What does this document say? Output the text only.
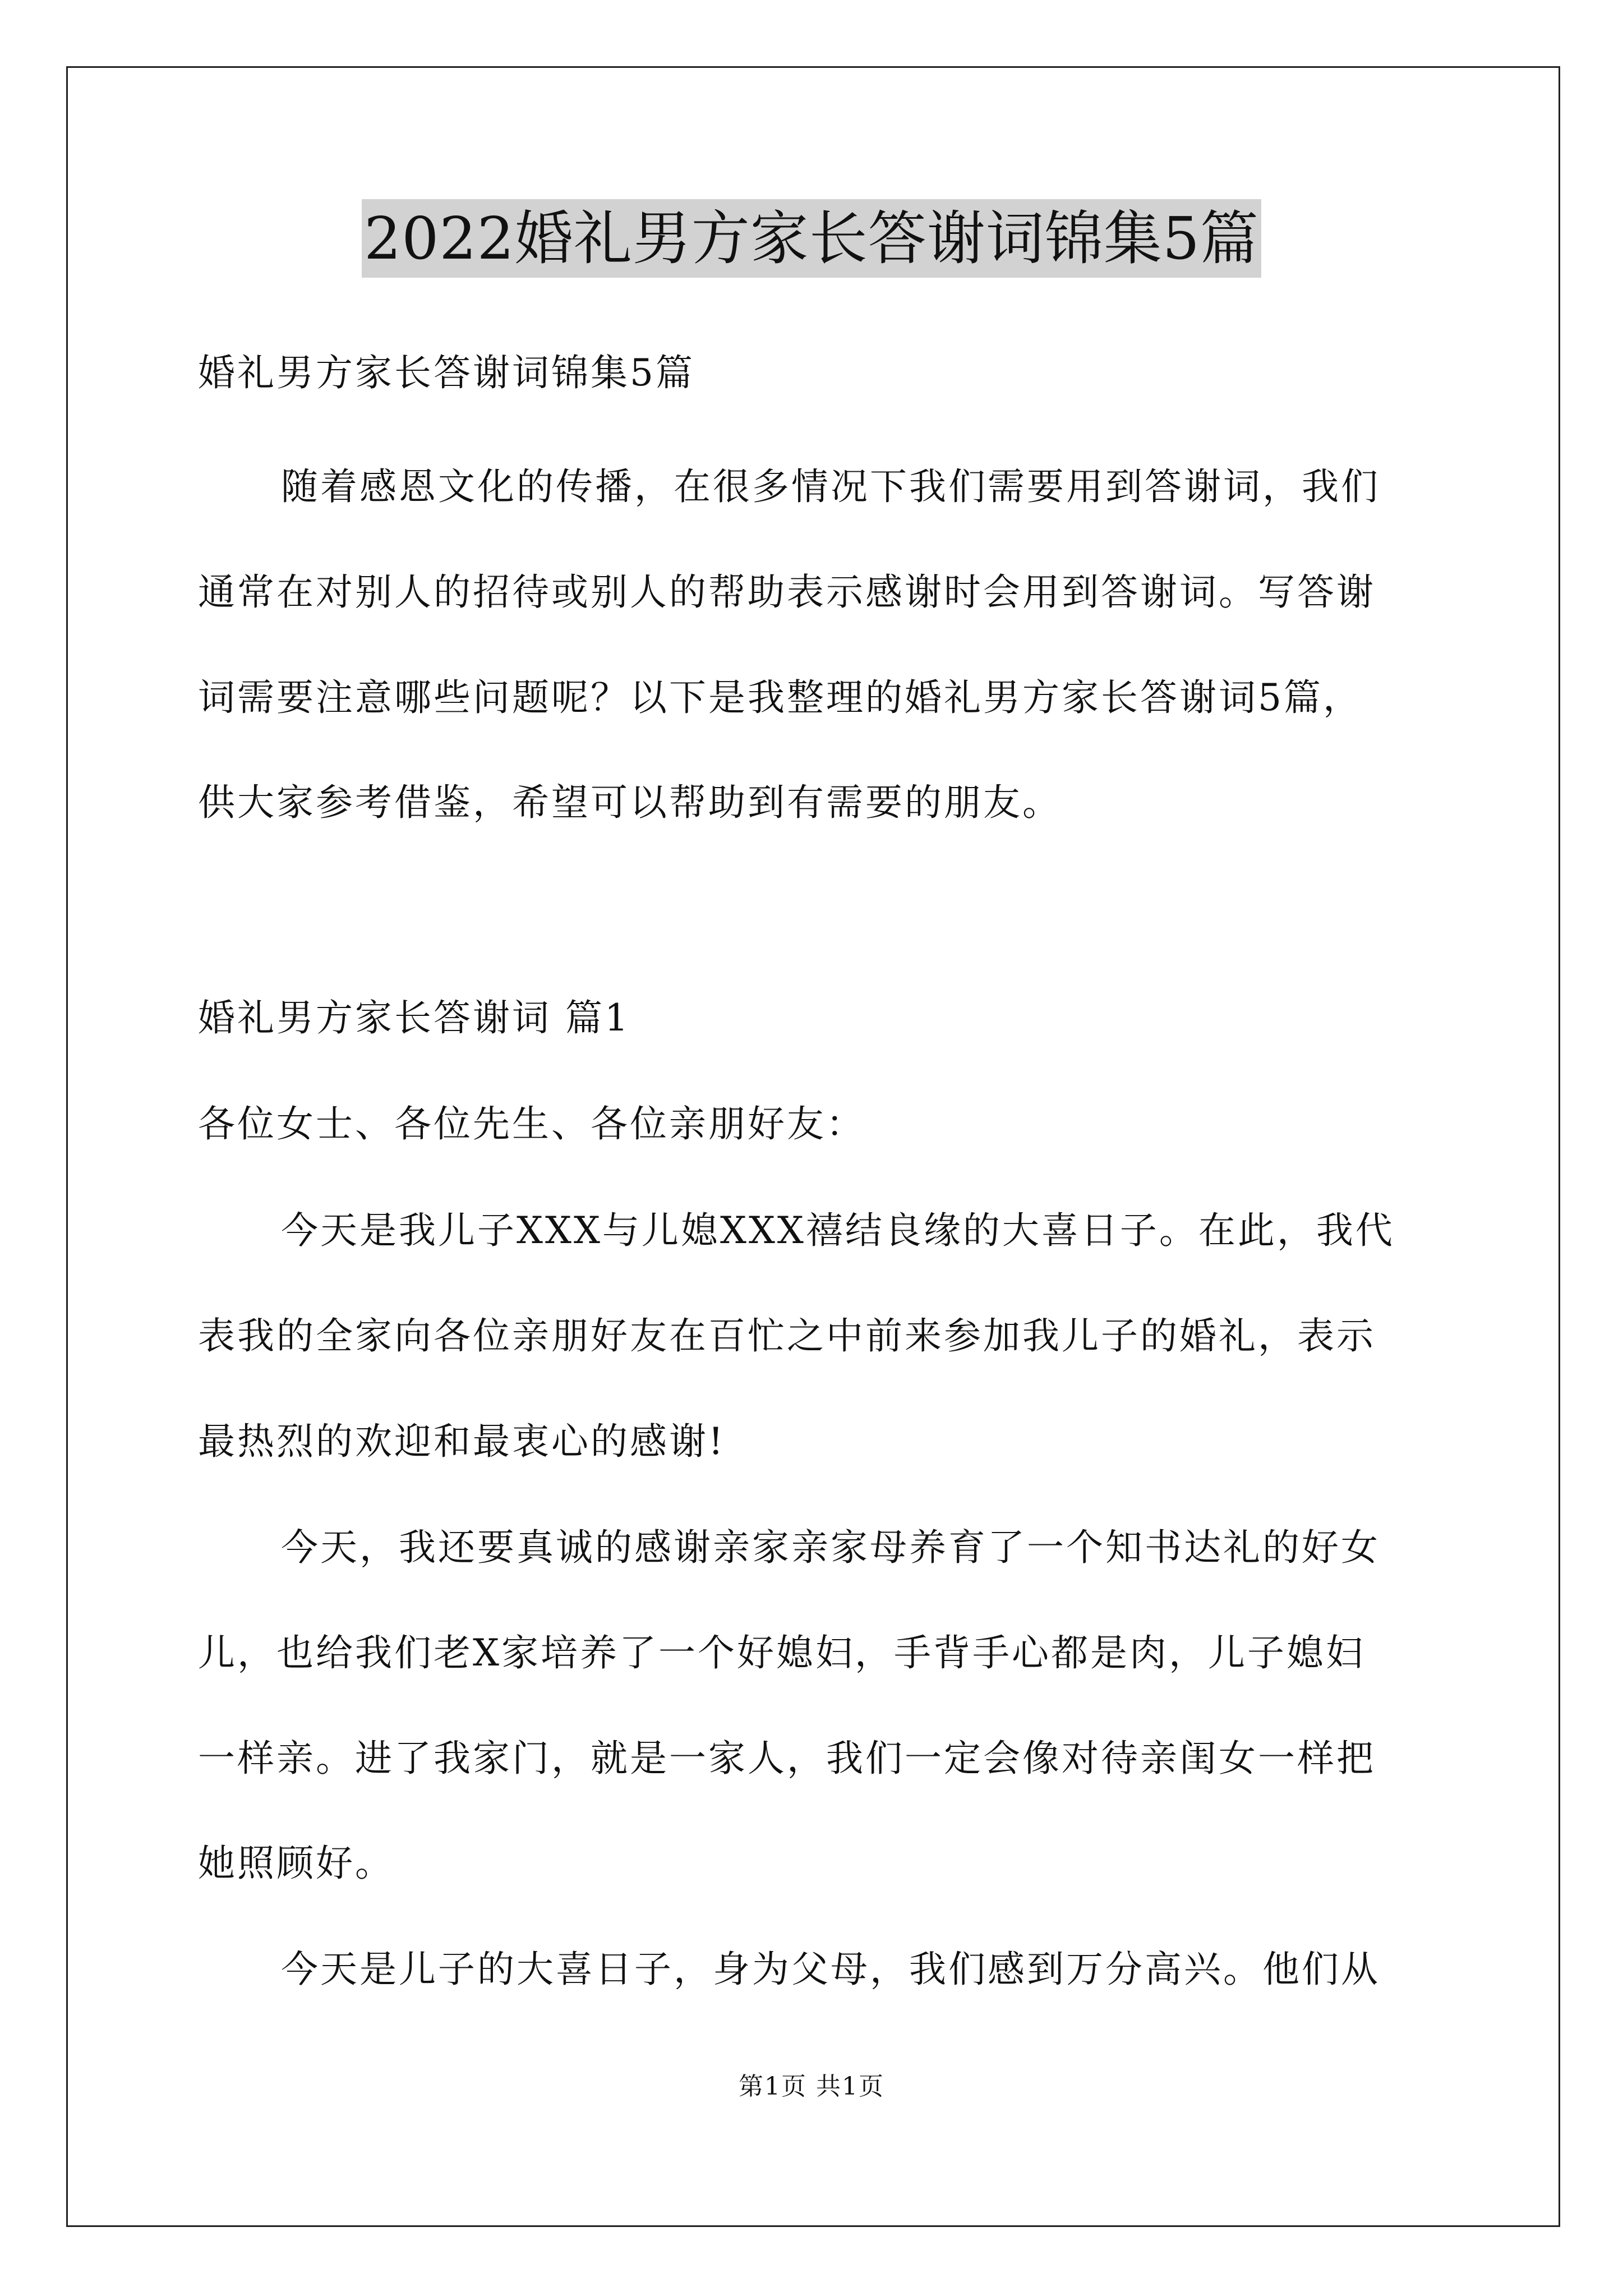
2022婚礼男方家长答谢词锦集5篇
婚礼男方家长答谢词锦集5篇
随着感恩文化的传播，在很多情况下我们需要用到答谢词，我们
通常在对别人的招待或别人的帮助表示感谢时会用到答谢词。写答谢
词需要注意哪些问题呢？以下是我整理的婚礼男方家长答谢词5篇，
供大家参考借鉴，希望可以帮助到有需要的朋友。
婚礼男方家长答谢词 篇1
各位女士、各位先生、各位亲朋好友：
今天是我儿子XXX与儿媳XXX禧结良缘的大喜日子。在此，我代
表我的全家向各位亲朋好友在百忙之中前来参加我儿子的婚礼，表示
最热烈的欢迎和最衷心的感谢!
今天，我还要真诚的感谢亲家亲家母养育了一个知书达礼的好女
儿，也给我们老X家培养了一个好媳妇，手背手心都是肉，儿子媳妇
一样亲。进了我家门，就是一家人，我们一定会像对待亲闺女一样把
她照顾好。
今天是儿子的大喜日子，身为父母，我们感到万分高兴。他们从
第1页 共1页
